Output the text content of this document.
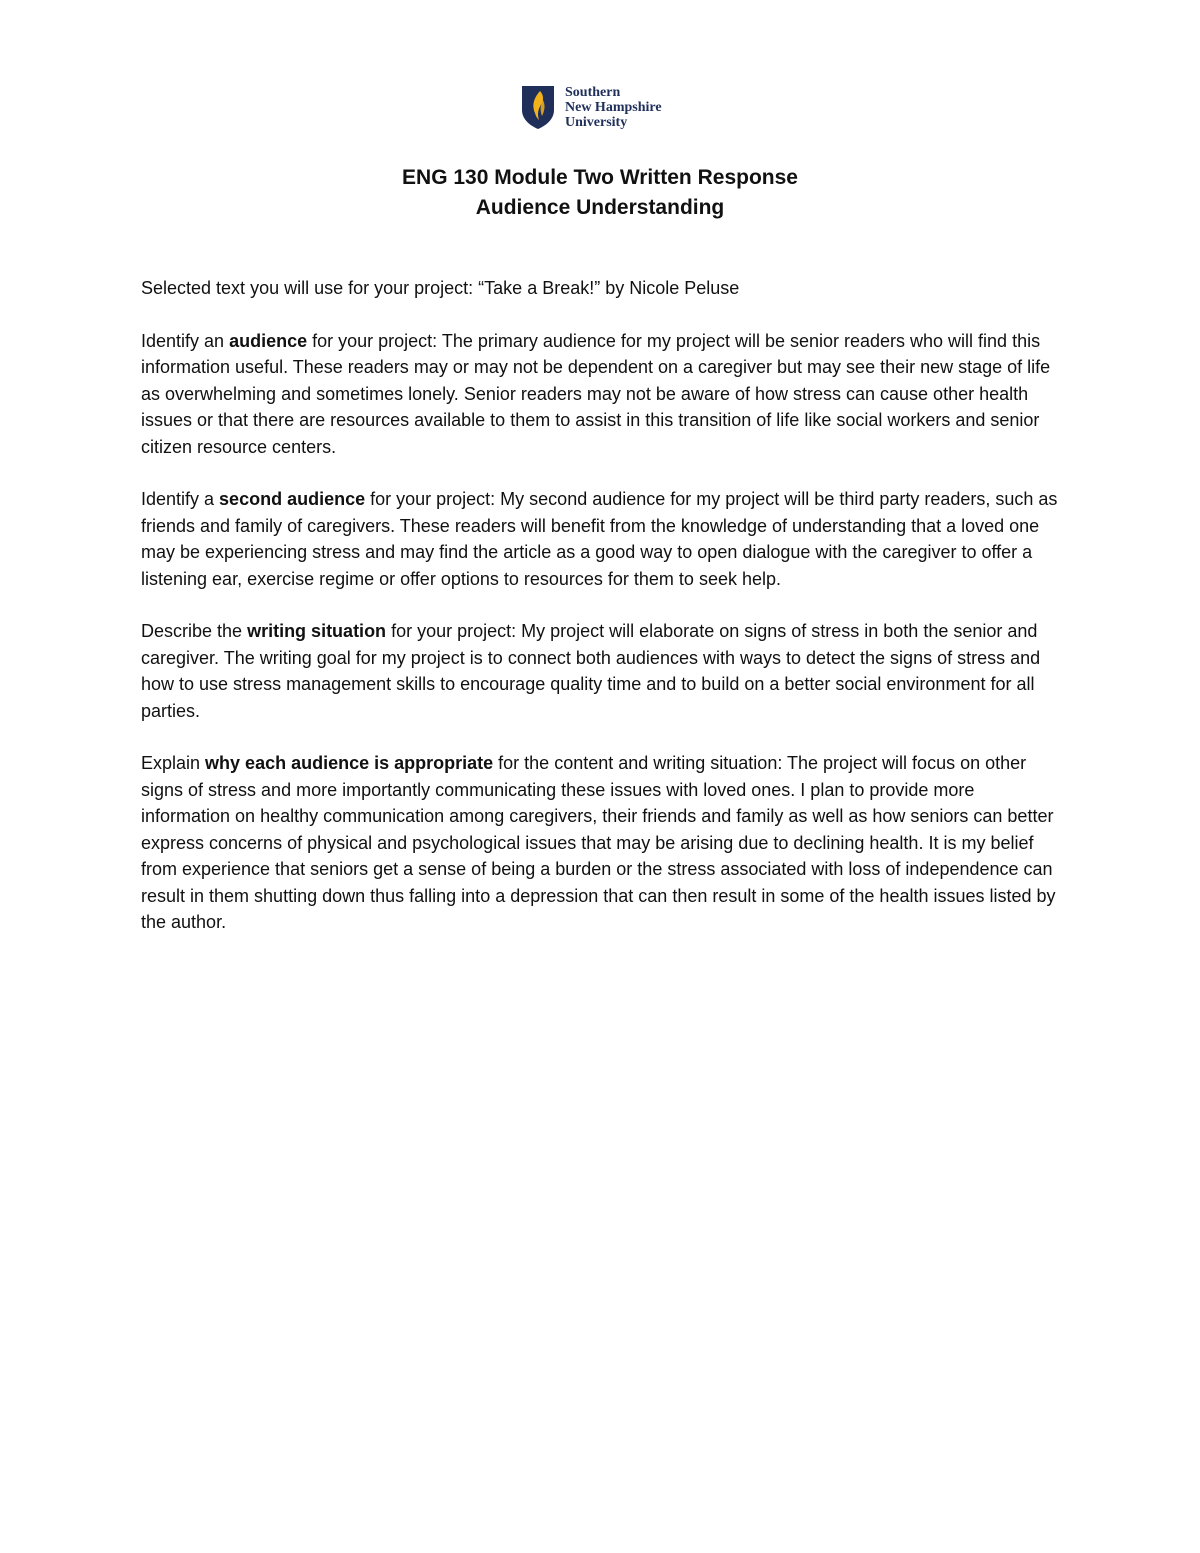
Southern
New Hampshire
University
ENG 130 Module Two Written Response
Audience Understanding

Selected text you will use for your project: “Take a Break!” by Nicole Peluse

Identify an audience for your project: The primary audience for my project will be senior readers who will find this information useful. These readers may or may not be dependent on a caregiver but may see their new stage of life as overwhelming and sometimes lonely. Senior readers may not be aware of how stress can cause other health issues or that there are resources available to them to assist in this transition of life like social workers and senior citizen resource centers.

Identify a second audience for your project: My second audience for my project will be third party readers, such as friends and family of caregivers. These readers will benefit from the knowledge of understanding that a loved one may be experiencing stress and may find the article as a good way to open dialogue with the caregiver to offer a listening ear, exercise regime or offer options to resources for them to seek help.

Describe the writing situation for your project: My project will elaborate on signs of stress in both the senior and caregiver. The writing goal for my project is to connect both audiences with ways to detect the signs of stress and how to use stress management skills to encourage quality time and to build on a better social environment for all parties.

Explain why each audience is appropriate for the content and writing situation: The project will focus on other signs of stress and more importantly communicating these issues with loved ones. I plan to provide more information on healthy communication among caregivers, their friends and family as well as how seniors can better express concerns of physical and psychological issues that may be arising due to declining health. It is my belief from experience that seniors get a sense of being a burden or the stress associated with loss of independence can result in them shutting down thus falling into a depression that can then result in some of the health issues listed by the author.
